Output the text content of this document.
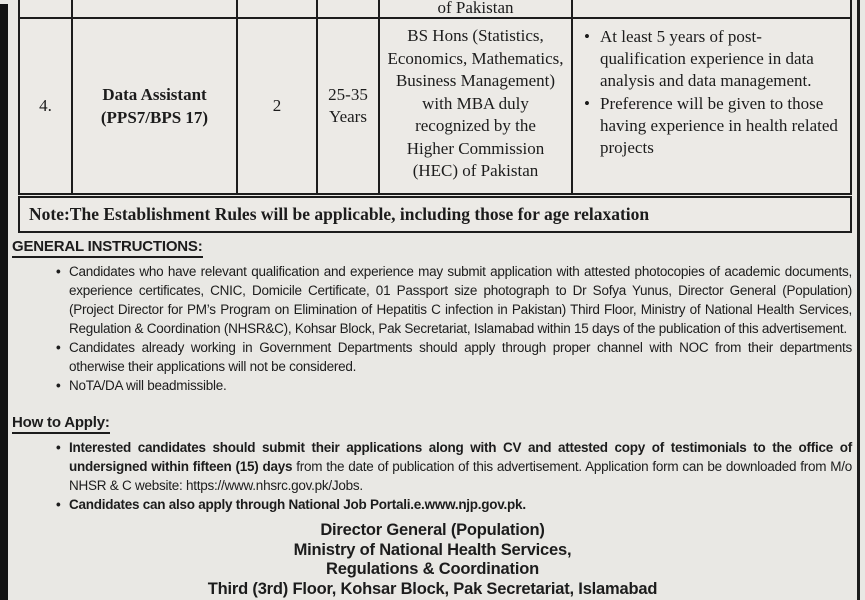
of Pakistan
4.
Data Assistant
(PPS7/BPS 17)
2
25-35
Years
BS Hons (Statistics,
Economics, Mathematics,
Business Management)
with MBA duly
recognized by the
Higher Commission
(HEC) of Pakistan
• At least 5 years of post-qualification experience in data analysis and data management.
• Preference will be given to those having experience in health related projects
Note:The Establishment Rules will be applicable, including those for age relaxation
GENERAL INSTRUCTIONS:
• Candidates who have relevant qualification and experience may submit application with attested photocopies of academic documents, experience certificates, CNIC, Domicile Certificate, 01 Passport size photograph to Dr Sofya Yunus, Director General (Population) (Project Director for PM’s Program on Elimination of Hepatitis C infection in Pakistan) Third Floor, Ministry of National Health Services, Regulation & Coordination (NHSR&C), Kohsar Block, Pak Secretariat, Islamabad within 15 days of the publication of this advertisement.
• Candidates already working in Government Departments should apply through proper channel with NOC from their departments otherwise their applications will not be considered.
• NoTA/DA will beadmissible.
How to Apply:
• Interested candidates should submit their applications along with CV and attested copy of testimonials to the office of undersigned within fifteen (15) days from the date of publication of this advertisement. Application form can be downloaded from M/o NHSR & C website: https://www.nhsrc.gov.pk/Jobs.
• Candidates can also apply through National Job Portali.e.www.njp.gov.pk.
Director General (Population)
Ministry of National Health Services,
Regulations & Coordination
Third (3rd) Floor, Kohsar Block, Pak Secretariat, Islamabad
